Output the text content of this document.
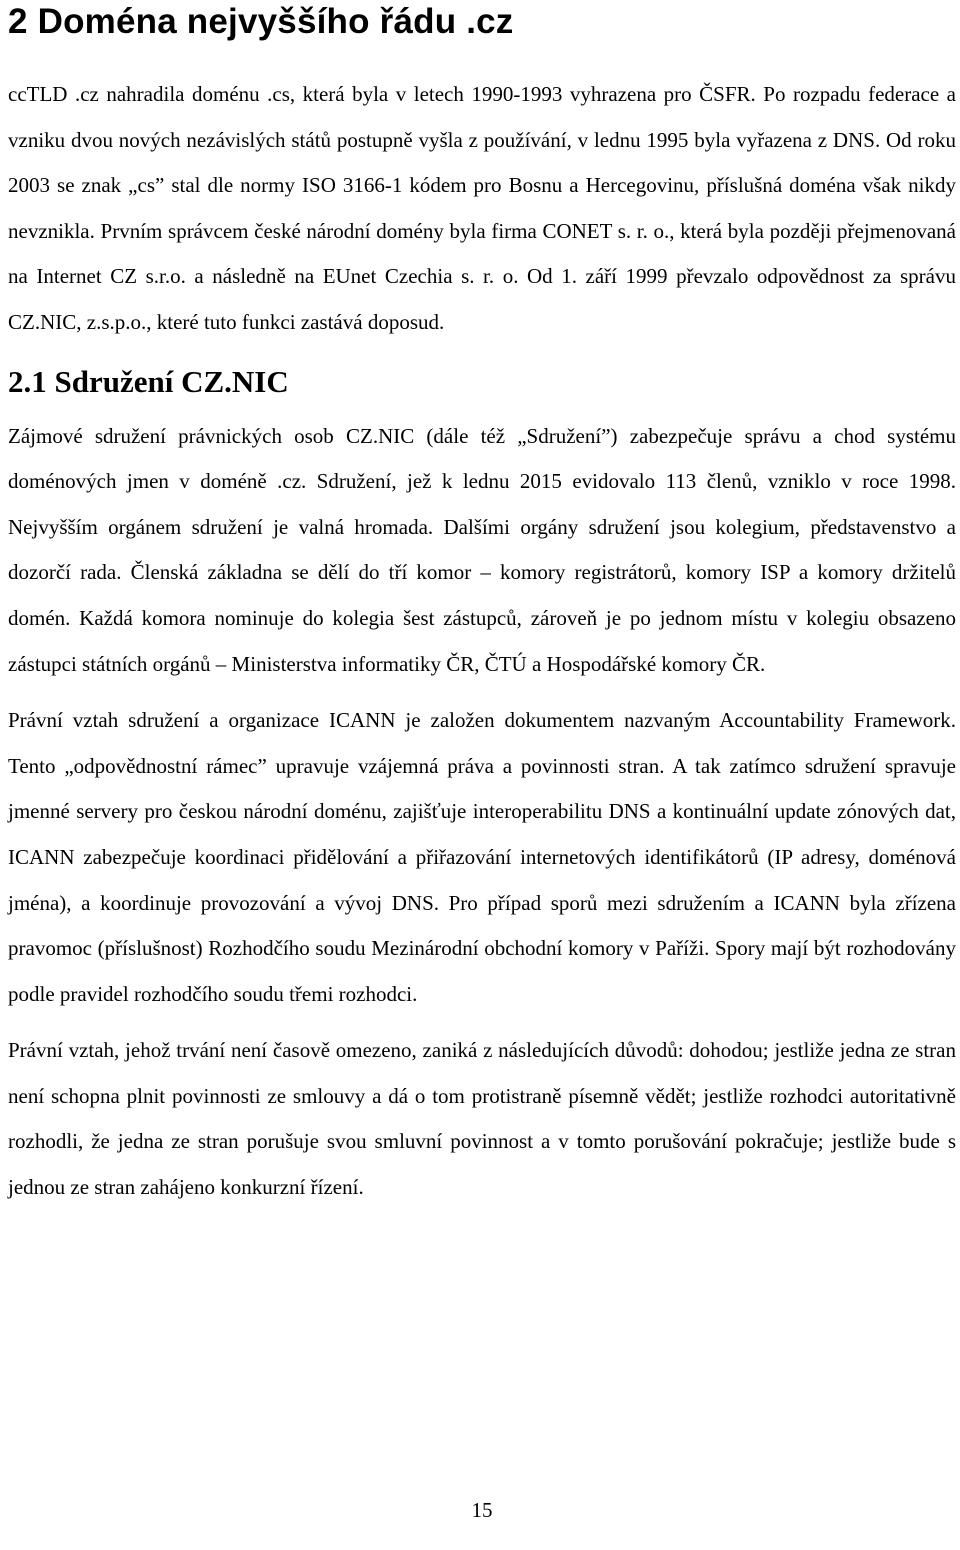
2 Doména nejvyššího řádu .cz

ccTLD .cz nahradila doménu .cs, která byla v letech 1990-1993 vyhrazena pro ČSFR. Po rozpadu federace a vzniku dvou nových nezávislých států postupně vyšla z používání, v lednu 1995 byla vyřazena z DNS. Od roku 2003 se znak „cs” stal dle normy ISO 3166-1 kódem pro Bosnu a Hercegovinu, příslušná doména však nikdy nevznikla. Prvním správcem české národní domény byla firma CONET s. r. o., která byla později přejmenovaná na Internet CZ s.r.o. a následně na EUnet Czechia s. r. o. Od 1. září 1999 převzalo odpovědnost za správu CZ.NIC, z.s.p.o., které tuto funkci zastává doposud.

2.1 Sdružení CZ.NIC

Zájmové sdružení právnických osob CZ.NIC (dále též „Sdružení”) zabezpečuje správu a chod systému doménových jmen v doméně .cz. Sdružení, jež k lednu 2015 evidovalo 113 členů, vzniklo v roce 1998. Nejvyšším orgánem sdružení je valná hromada. Dalšími orgány sdružení jsou kolegium, představenstvo a dozorčí rada. Členská základna se dělí do tří komor – komory registrátorů, komory ISP a komory držitelů domén. Každá komora nominuje do kolegia šest zástupců, zároveň je po jednom místu v kolegiu obsazeno zástupci státních orgánů – Ministerstva informatiky ČR, ČTÚ a Hospodářské komory ČR.

Právní vztah sdružení a organizace ICANN je založen dokumentem nazvaným Accountability Framework. Tento „odpovědnostní rámec” upravuje vzájemná práva a povinnosti stran. A tak zatímco sdružení spravuje jmenné servery pro českou národní doménu, zajišťuje interoperabilitu DNS a kontinuální update zónových dat, ICANN zabezpečuje koordinaci přidělování a přiřazování internetových identifikátorů (IP adresy, doménová jména), a koordinuje provozování a vývoj DNS. Pro případ sporů mezi sdružením a ICANN byla zřízena pravomoc (příslušnost) Rozhodčího soudu Mezinárodní obchodní komory v Paříži. Spory mají být rozhodovány podle pravidel rozhodčího soudu třemi rozhodci.

Právní vztah, jehož trvání není časově omezeno, zaniká z následujících důvodů: dohodou; jestliže jedna ze stran není schopna plnit povinnosti ze smlouvy a dá o tom protistraně písemně vědět; jestliže rozhodci autoritativně rozhodli, že jedna ze stran porušuje svou smluvní povinnost a v tomto porušování pokračuje; jestliže bude s jednou ze stran zahájeno konkurzní řízení.

15
